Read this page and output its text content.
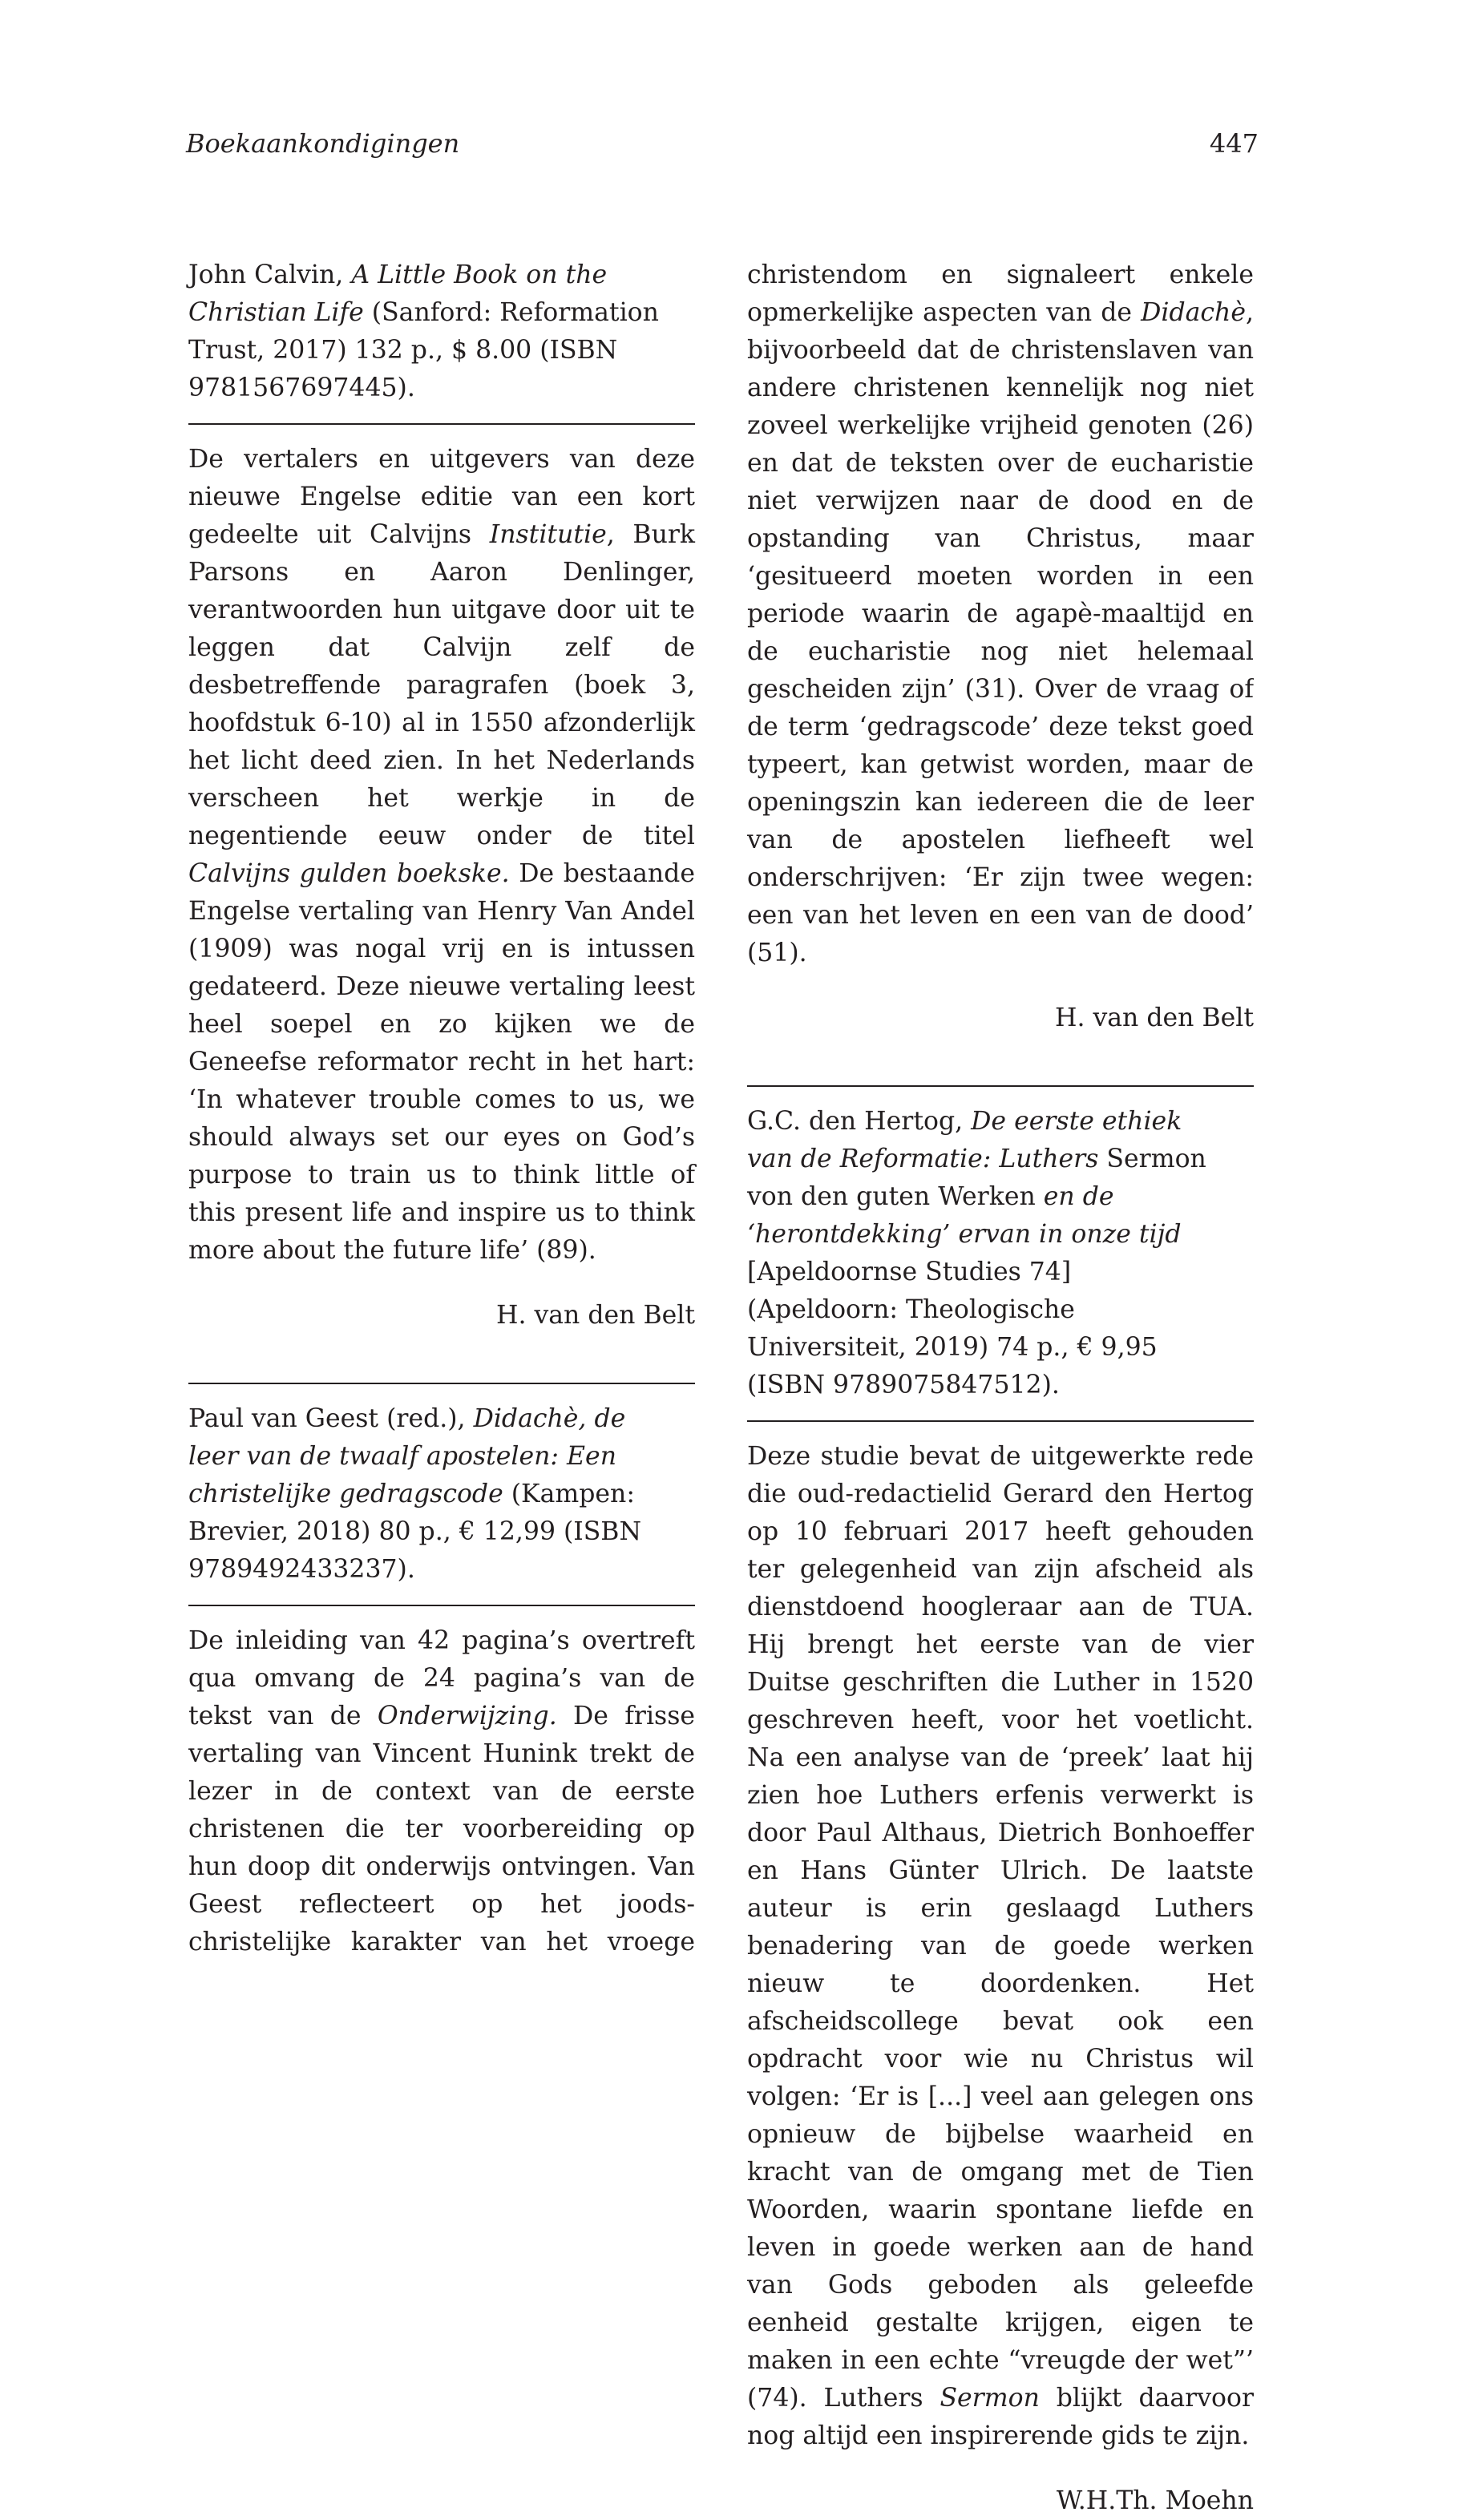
Boekaankondigingen	447

John Calvin, A Little Book on the Christian Life (Sanford: Reformation Trust, 2017) 132 p., $ 8.00 (ISBN 9781567697445).

De vertalers en uitgevers van deze nieuwe Engelse editie van een kort gedeelte uit Calvijns Institutie, Burk Parsons en Aaron Denlinger, verantwoorden hun uitgave door uit te leggen dat Calvijn zelf de desbetreffende paragrafen (boek 3, hoofdstuk 6-10) al in 1550 afzonderlijk het licht deed zien. In het Nederlands verscheen het werkje in de negentiende eeuw onder de titel Calvijns gulden boekske. De bestaande Engelse vertaling van Henry Van Andel (1909) was nogal vrij en is intussen gedateerd. Deze nieuwe vertaling leest heel soepel en zo kijken we de Geneefse reformator recht in het hart: ‘In whatever trouble comes to us, we should always set our eyes on God’s purpose to train us to think little of this present life and inspire us to think more about the future life’ (89).

H. van den Belt

Paul van Geest (red.), Didachè, de leer van de twaalf apostelen: Een christelijke gedragscode (Kampen: Brevier, 2018) 80 p., € 12,99 (ISBN 9789492433237).

De inleiding van 42 pagina’s overtreft qua omvang de 24 pagina’s van de tekst van de Onderwijzing. De frisse vertaling van Vincent Hunink trekt de lezer in de context van de eerste christenen die ter voorbereiding op hun doop dit onderwijs ontvingen. Van Geest reflecteert op het joods-christelijke karakter van het vroege

christendom en signaleert enkele opmerkelijke aspecten van de Didachè, bijvoorbeeld dat de christenslaven van andere christenen kennelijk nog niet zoveel werkelijke vrijheid genoten (26) en dat de teksten over de eucharistie niet verwijzen naar de dood en de opstanding van Christus, maar ‘gesitueerd moeten worden in een periode waarin de agapè-maaltijd en de eucharistie nog niet helemaal gescheiden zijn’ (31). Over de vraag of de term ‘gedragscode’ deze tekst goed typeert, kan getwist worden, maar de openingszin kan iedereen die de leer van de apostelen liefheeft wel onderschrijven: ‘Er zijn twee wegen: een van het leven en een van de dood’ (51).

H. van den Belt

G.C. den Hertog, De eerste ethiek van de Reformatie: Luthers Sermon von den guten Werken en de ‘herontdekking’ ervan in onze tijd [Apeldoornse Studies 74] (Apeldoorn: Theologische Universiteit, 2019) 74 p., € 9,95 (ISBN 9789075847512).

Deze studie bevat de uitgewerkte rede die oud-redactielid Gerard den Hertog op 10 februari 2017 heeft gehouden ter gelegenheid van zijn afscheid als dienstdoend hoogleraar aan de TUA. Hij brengt het eerste van de vier Duitse geschriften die Luther in 1520 geschreven heeft, voor het voetlicht. Na een analyse van de ‘preek’ laat hij zien hoe Luthers erfenis verwerkt is door Paul Althaus, Dietrich Bonhoeffer en Hans Günter Ulrich. De laatste auteur is erin geslaagd Luthers benadering van de goede werken nieuw te doordenken. Het afscheidscollege bevat ook een opdracht voor wie nu Christus wil volgen: ‘Er is [...] veel aan gelegen ons opnieuw de bijbelse waarheid en kracht van de omgang met de Tien Woorden, waarin spontane liefde en leven in goede werken aan de hand van Gods geboden als geleefde eenheid gestalte krijgen, eigen te maken in een echte “vreugde der wet”’ (74). Luthers Sermon blijkt daarvoor nog altijd een inspirerende gids te zijn.

W.H.Th. Moehn
